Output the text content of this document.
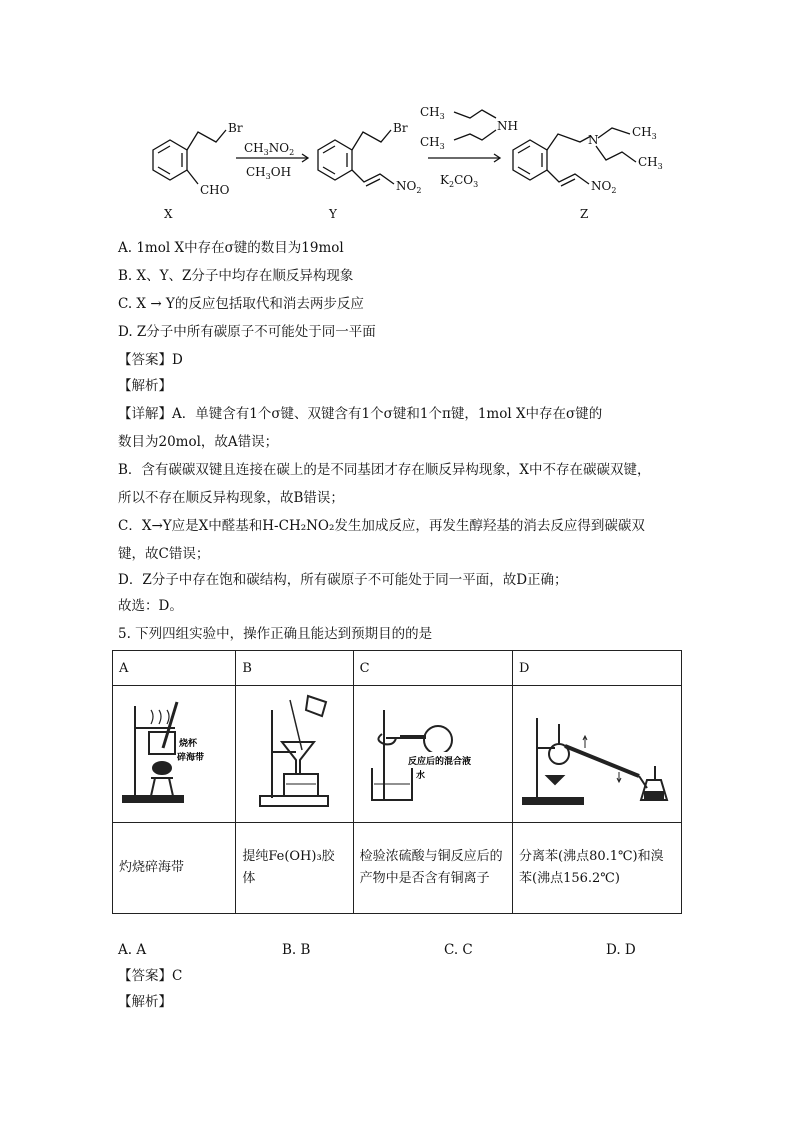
Br
CHO
X
Br
$NO_2$
Y
N
$CH_3$
$CH_3$
$NO_2$
Z
$CH_3$
$CH_3$
NH
$CH_3NO_2$
$CH_3OH$
$K_2CO_3$
A. 1mol X中存在σ键的数目为19mol
B. X、Y、Z分子中均存在顺反异构现象
C. X → Y的反应包括取代和消去两步反应
D. Z分子中所有碳原子不可能处于同一平面
【答案】D
【解析】
【详解】A．单键含有1个σ键、双键含有1个σ键和1个π键，1mol X中存在σ键的
数目为20mol，故A错误；
B．含有碳碳双键且连接在碳上的是不同基团才存在顺反异构现象，X中不存在碳碳双键，
所以不存在顺反异构现象，故B错误；
C．X→Y应是X中醛基和H-CH₂NO₂发生加成反应，再发生醇羟基的消去反应得到碳碳双
键，故C错误；
D．Z分子中存在饱和碳结构，所有碳原子不可能处于同一平面，故D正确；
故选：D。
5. 下列四组实验中，操作正确且能达到预期目的的是
A	B	C	D

烧杯
碎海带		反应后的混合液
水

灼烧碎海带	提纯Fe(OH)₃胶体	检验浓硫酸与铜反应后的产物中是否含有铜离子	分离苯(沸点80.1℃)和溴苯(沸点156.2℃)
A. A	B. B	C. C	D. D
【答案】C
【解析】
